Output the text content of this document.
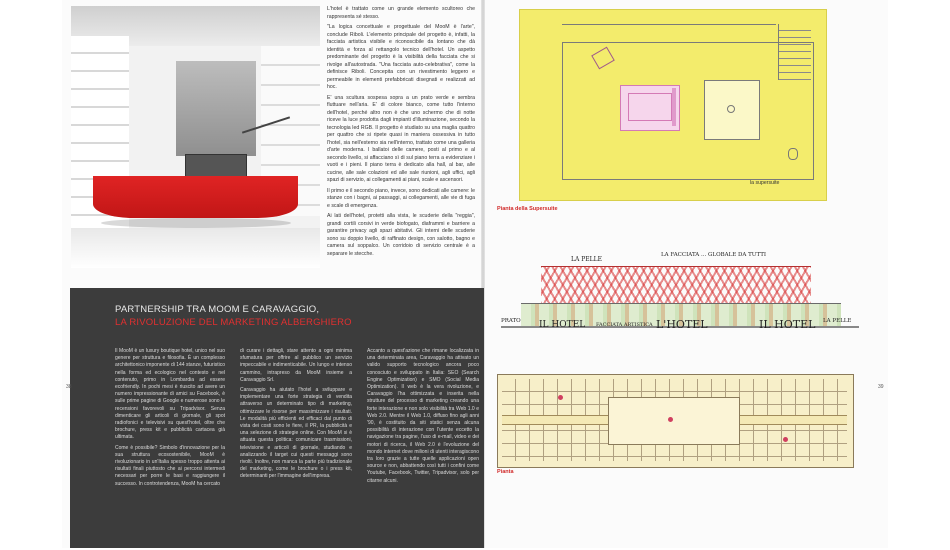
L'hotel è trattato come un grande elemento scultoreo che rappresenta sé stesso.

"La logica concettuale e progettuale del MooM è l'arte", conclude Riboli. L'elemento principale del progetto è, infatti, la facciata artistica visibile e riconoscibile da lontano che dà identità e forza al rettangolo tecnico dell'hotel. Un aspetto predominante del progetto è la visibilità della facciata che si rivolge all'autostrada. "Una facciata auto-celebrativa", come la definisce Riboli. Concepita con un rivestimento leggero e permeabile in elementi prefabbricati disegnati e realizzati ad hoc.

E' una scultura sospesa sopra a un prato verde e sembra fluttuare nell'aria. E' di colore bianco, come tutto l'interno dell'hotel, perché altro non è che uno schermo che di notte riceve la luce prodotta dagli impianti d'illuminazione, secondo la tecnologia led RGB. Il progetto è studiato su una maglia quattro per quattro che si ripete quasi in maniera ossessiva in tutto l'hotel, sia nell'esterno sia nell'interno, trattato come una galleria d'arte moderna. I ballatoi delle camere, posti al primo e al secondo livello, si affacciano sì di sul piano terra a evidenziare i vuoti e i pieni. Il piano terra è dedicato alla hall, al bar, alle cucine, alle sale colazioni ed alle sale riunioni, agli uffici, agli spazi di servizio, ai collegamenti ai piani, scale e ascensori.

Il primo e il secondo piano, invece, sono dedicati alle camere: le stanze con i bagni, ai passaggi, ai collegamenti, alle vie di fuga e scale di emergenza.

Ai lati dell'hotel, protetti alla vista, le scuderie della "reggia", grandi cortili corsivi in verde biofogato, diaframmi e barriere a garantire privacy agli spazi abitativi. Gli interni delle scuderie sono su doppio livello, di raffinato design, con salotto, bagno e camera sul soppalco. Un corridoio di servizio centrale è a separare le stecche.

PARTNERSHIP TRA MOOM E CARAVAGGIO,
LA RIVOLUZIONE DEL MARKETING ALBERGHIERO

Il MooM è un luxury boutique hotel, unico nel suo genere per struttura e filosofia. È un complesso architettonico imponente di 144 stanze, futuristico nella forma ed ecologico nel contesto e nel contenuto, primo in Lombardia ad essere ecofriendly. In pochi mesi è riuscito ad avere un numero impressionante di amici su Facebook, è sulle prime pagine di Google e numerose sono le recensioni favorevoli su Tripadvisor. Senza dimenticare gli articoli di giornale, gli spot radiofonici e televisivi su quest'hotel, oltre che brochure, press kit e pubblicità cartacea già ultimata.

Come è possibile? Simbolo d'innovazione per la sua struttura ecosostenibile, MooM è rivoluzionario in un'Italia spesso troppo attenta ai risultati finali piuttosto che ai percorsi intermedi necessari per porre le basi e raggiungere il successo. In controtendenza, MooM ha cercato

di curare i dettagli, stare attento a ogni minima sfumatura per offrire al pubblico un servizio impeccabile e indimenticabile. Un lungo e intenso cammino, intrapreso da MooM insieme a Caravaggio Srl.

Caravaggio ha aiutato l'hotel a sviluppare e implementare una forte strategia di vendita attraverso un determinato tipo di marketing, ottimizzare le risorse per massimizzare i risultati. Le modalità più efficienti ed efficaci dal punto di vista dei costi sono le fiere, il PR, la pubblicità e una selezione di strategie online. Con MooM si è attuata questa politica: comunicare trasmissioni, televisione e articoli di giornale, studiando e analizzando il target cui questi messaggi sono rivolti. Inoltre, non manca la parte più tradizionale del marketing, come le brochure o i press kit, determinanti per l'immagine dell'impresa.

Accanto a quest'azione che rimane localizzata in una determinata area, Caravaggio ha attivato un valido supporto tecnologico ancora poco conosciuto e sviluppato in Italia: SEO (Search Engine Optimization) e SMO (Social Media Optimization). Il web è la vera rivoluzione, e Caravaggio l'ha ottimizzata e inserita nella strutture del processo di marketing creando una forte interazione e non solo visibilità tra Web 1.0 e Web 2.0. Mentre il Web 1.0, diffuso fino agli anni '90, è costituito da siti statici senza alcuna possibilità di interazione con l'utente eccetto la navigazione tra pagine, l'uso di e-mail, video e dei motori di ricerca, il Web 2.0 è l'evoluzione del mondo internet dove milioni di utenti interagiscono tra loro grazie a tutte quelle applicazioni open source e non, abbattendo così tutti i confini come Youtube, Facebook, Twitter, Tripadvisor, solo per citarne alcuni.

38	39
la supersuite
Pianta della Supersuite
LA PELLE
LA FACCIATA ... GLOBALE DA TUTTI
PRATO IL HOTEL FACCIATA ARTISTICA L'HOTEL	IL HOTEL LA PELLE
Pianta
